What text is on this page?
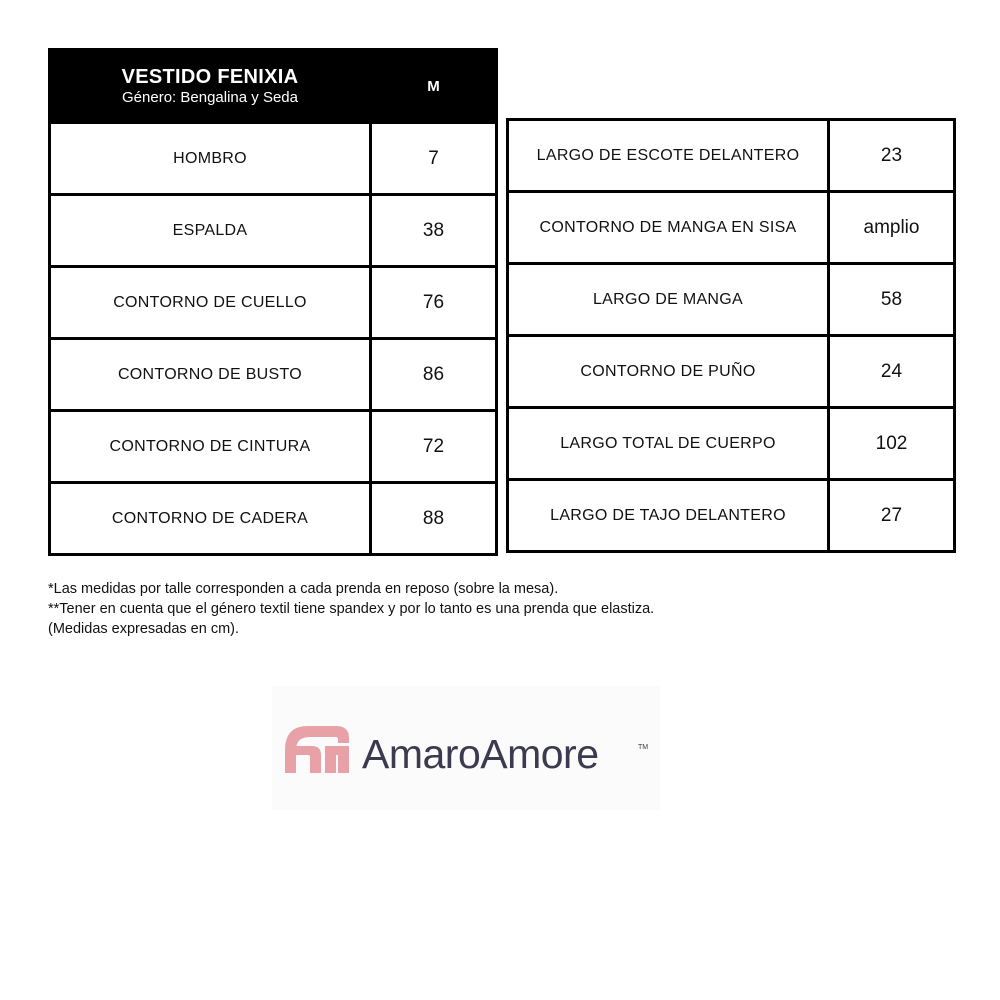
VESTIDO FENIXIA
Género: Bengalina y Seda	M
HOMBRO	7
ESPALDA	38
CONTORNO DE CUELLO	76
CONTORNO DE BUSTO	86
CONTORNO DE CINTURA	72
CONTORNO DE CADERA	88
LARGO DE ESCOTE DELANTERO	23
CONTORNO DE MANGA EN SISA	amplio
LARGO DE MANGA	58
CONTORNO DE PUÑO	24
LARGO TOTAL DE CUERPO	102
LARGO DE TAJO DELANTERO	27
*Las medidas por talle corresponden a cada prenda en reposo (sobre la mesa).
**Tener en cuenta que el género textil tiene spandex y por lo tanto es una prenda que elastiza.
(Medidas expresadas en cm).
AmaroAmore	TM
